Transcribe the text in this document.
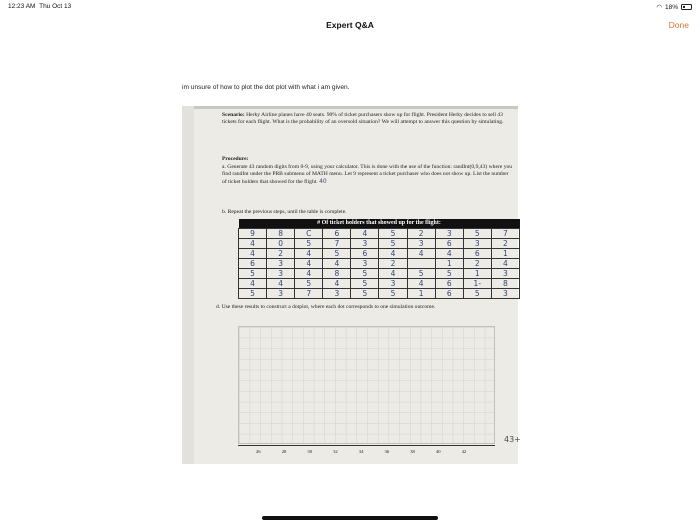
12:23 AM Thu Oct 13	◠ 18%
Expert Q&A	Done
im unsure of how to plot the dot plot with what i am given.
Scenario: Herky Airline planes have 40 seats. 90% of ticket purchasers show up for flight. President Herky decides to sell 43 tickets for each flight. What is the probability of an oversold situation? We will attempt to answer this question by simulating.
Procedure:
a. Generate 43 random digits from 0-9, using your calculator. This is done with the use of the function: randInt(0,9,43) where you find randInt under the PRB submenu of MATH menu. Let 9 represent a ticket purchaser who does not show up. List the number of ticket holders that showed for the flight. 40
b. Repeat the previous steps, until the table is complete.
# Of ticket holders that showed up for the flight:									
9	8	C	6	4	5	2	3	5	7
4	0	5	7	3	5	3	6	3	2
4	2	4	5	6	4	4	4	6	1
6	3	4	4	3	2		1	2	4
5	3	4	8	5	4	5	5	1	3
4	4	5	4	5	3	4	6	1-	8
5	3	7	3	5	5	1	6	5	3
d. Use these results to construct a dotplot, where each dot corresponds to one simulation outcome.
43+
26	28	30	32	34	36	38	40	42
